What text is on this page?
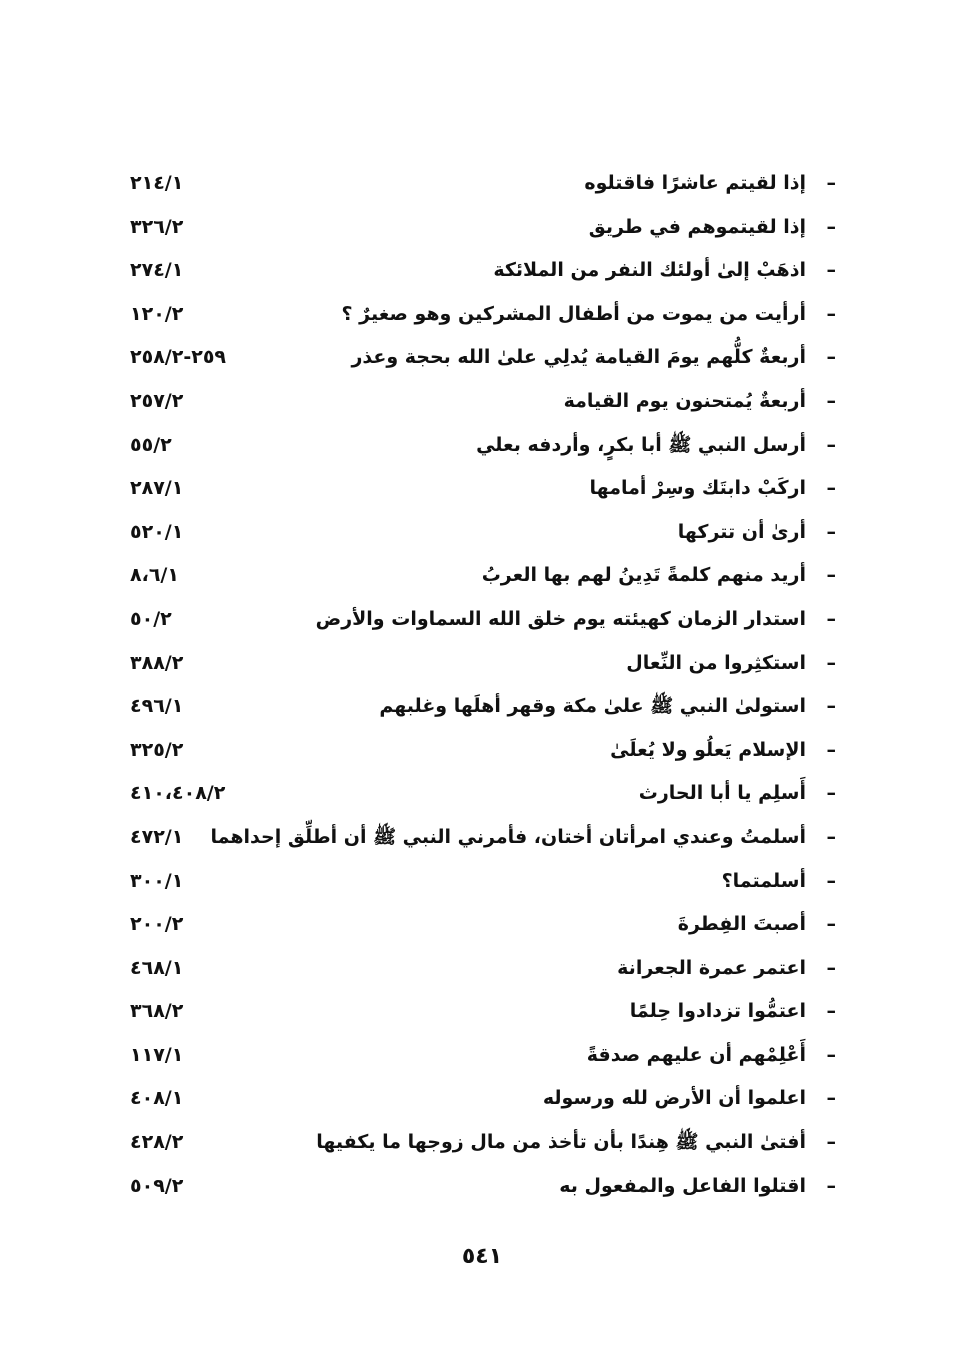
–
إذا لقيتم عاشرًا فاقتلوه
٢١٤/١
–
إذا لقيتموهم في طريق
٣٢٦/٢
–
اذهَبْ إلىٰ أولئك النفر من الملائكة
٢٧٤/١
–
أرأيت من يموت من أطفال المشركين وهو صغيرٌ ؟
١٢٠/٢
–
أربعةٌ كلُّهم يومَ القيامة يُدلِي علىٰ الله بحجة وعذر
٢٥٩-٢٥٨/٢
–
أربعةٌ يُمتحنون يوم القيامة
٢٥٧/٢
–
أرسل النبي ﷺ أبا بكرٍ، وأردفه بعلي
٥٥/٢
–
اركَبْ دابتَك وسِرْ أمامها
٢٨٧/١
–
أرىٰ أن تتركها
٥٢٠/١
–
أريد منهم كلمةً تَدِينُ لهم بها العربُ
٨،٦/١
–
استدار الزمان كهيئته يوم خلق الله السماوات والأرض
٥٠/٢
–
استكثِروا من النِّعال
٣٨٨/٢
–
استولىٰ النبي ﷺ علىٰ مكة وقهر أهلَها وغلبهم
٤٩٦/١
–
الإسلام يَعلُو ولا يُعلَىٰ
٣٢٥/٢
–
أَسلِم يا أبا الحارث
٤١٠،٤٠٨/٢
–
أسلمتُ وعندي امرأتان أختان، فأمرني النبي ﷺ أن أطلِّق إحداهما
٤٧٢/١
–
أسلمتما؟
٣٠٠/١
–
أصبتَ الفِطرةَ
٢٠٠/٢
–
اعتمر عمرة الجعرانة
٤٦٨/١
–
اعتمُّوا تزدادوا حِلمًا
٣٦٨/٢
–
أَعْلِمْهم أن عليهم صدقةً
١١٧/١
–
اعلموا أن الأرض لله ورسوله
٤٠٨/١
–
أفتىٰ النبي ﷺ هِندًا بأن تأخذ من مال زوجها ما يكفيها
٤٢٨/٢
–
اقتلوا الفاعل والمفعول به
٥٠٩/٢
٥٤١
